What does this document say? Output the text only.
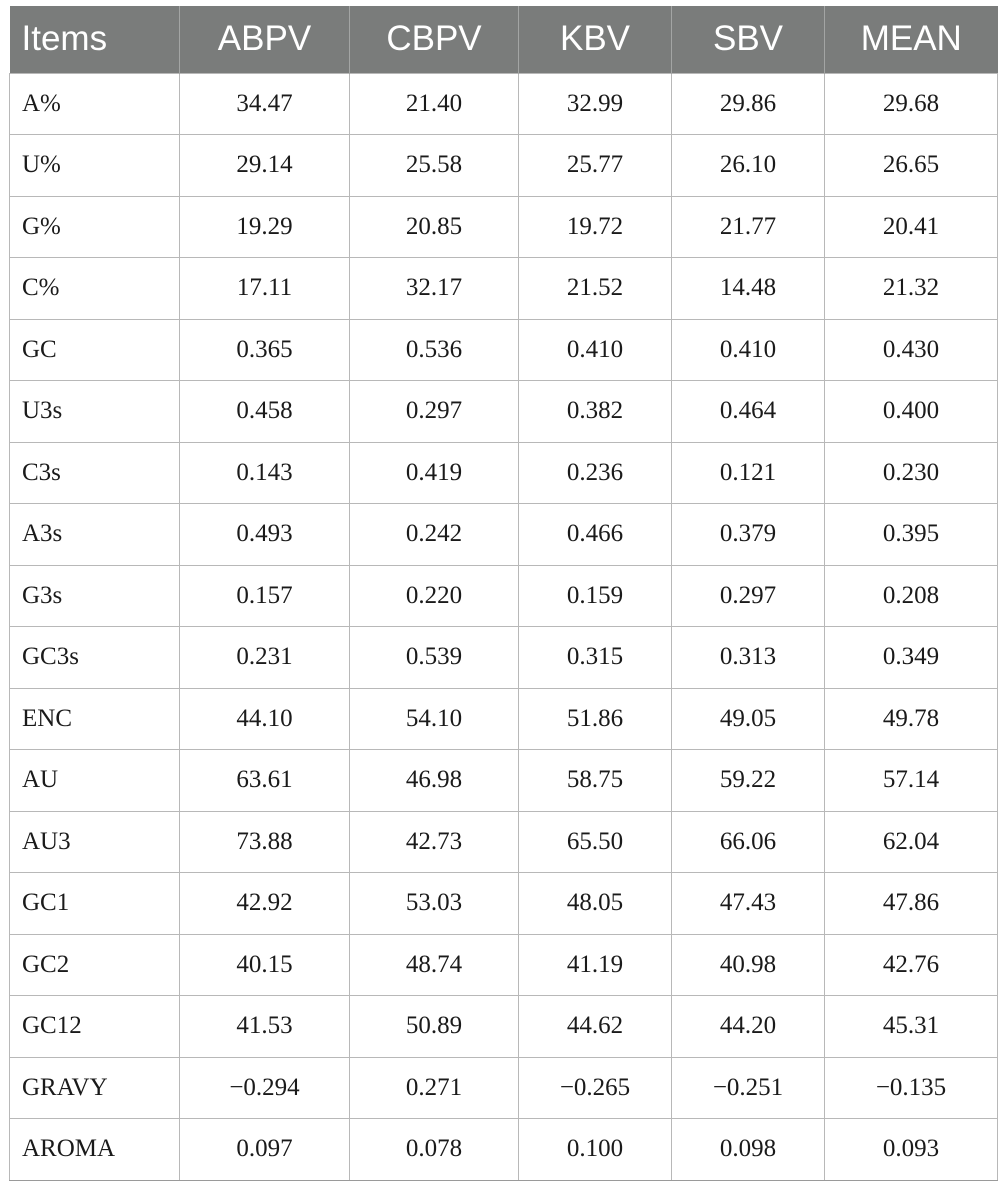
Items	ABPV	CBPV	KBV	SBV	MEAN
A%	34.47	21.40	32.99	29.86	29.68
U%	29.14	25.58	25.77	26.10	26.65
G%	19.29	20.85	19.72	21.77	20.41
C%	17.11	32.17	21.52	14.48	21.32
GC	0.365	0.536	0.410	0.410	0.430
U3s	0.458	0.297	0.382	0.464	0.400
C3s	0.143	0.419	0.236	0.121	0.230
A3s	0.493	0.242	0.466	0.379	0.395
G3s	0.157	0.220	0.159	0.297	0.208
GC3s	0.231	0.539	0.315	0.313	0.349
ENC	44.10	54.10	51.86	49.05	49.78
AU	63.61	46.98	58.75	59.22	57.14
AU3	73.88	42.73	65.50	66.06	62.04
GC1	42.92	53.03	48.05	47.43	47.86
GC2	40.15	48.74	41.19	40.98	42.76
GC12	41.53	50.89	44.62	44.20	45.31
GRAVY	−0.294	0.271	−0.265	−0.251	−0.135
AROMA	0.097	0.078	0.100	0.098	0.093
